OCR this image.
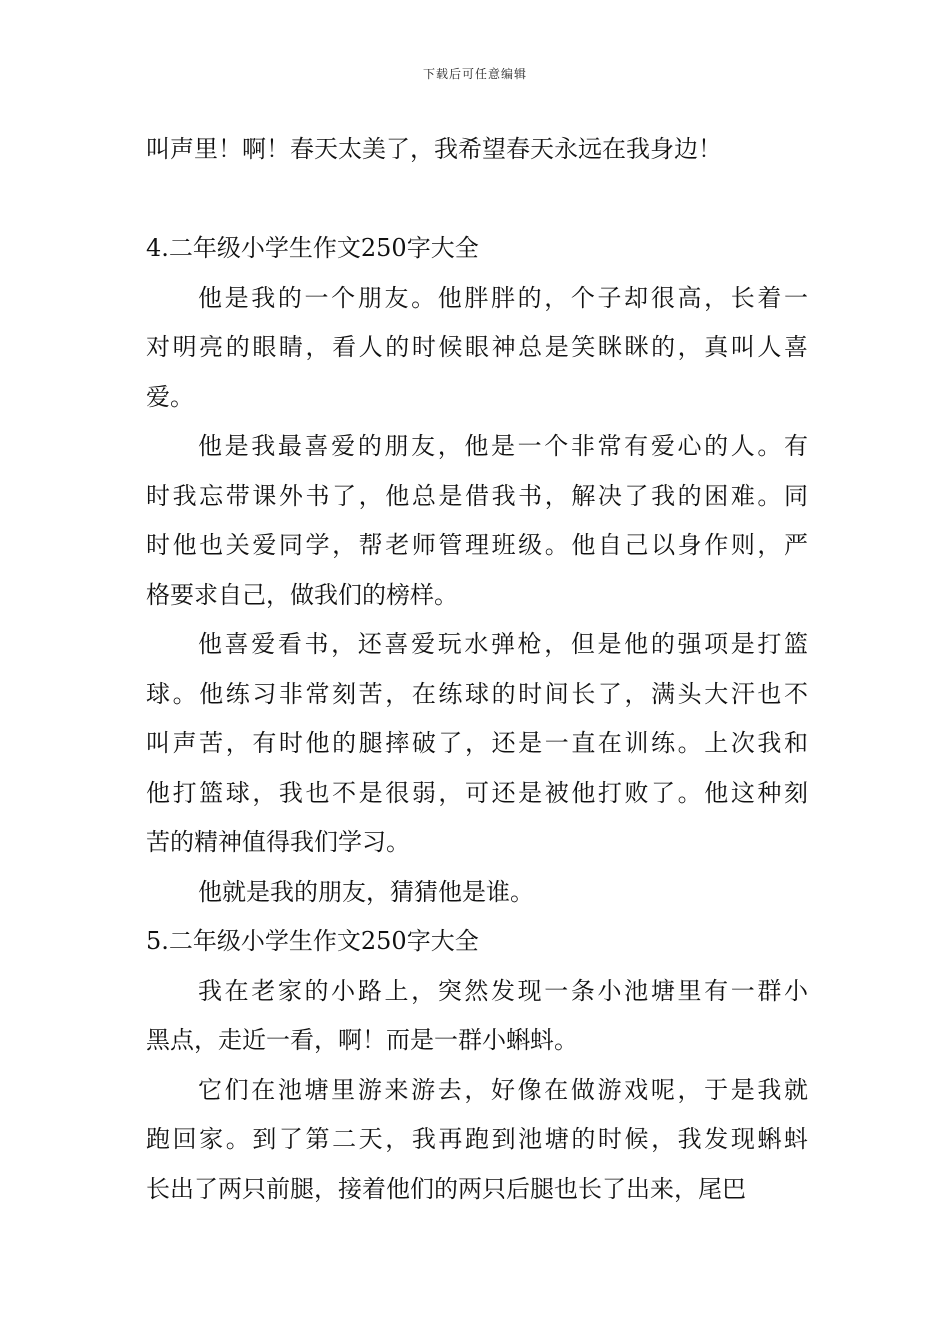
下载后可任意编辑
叫声里！啊！春天太美了，我希望春天永远在我身边！
4.二年级小学生作文250字大全
他是我的一个朋友。他胖胖的，个子却很高，长着一
对明亮的眼睛，看人的时候眼神总是笑眯眯的，真叫人喜
爱。
他是我最喜爱的朋友，他是一个非常有爱心的人。有
时我忘带课外书了，他总是借我书，解决了我的困难。同
时他也关爱同学，帮老师管理班级。他自己以身作则，严
格要求自己，做我们的榜样。
他喜爱看书，还喜爱玩水弹枪，但是他的强项是打篮
球。他练习非常刻苦，在练球的时间长了，满头大汗也不
叫声苦，有时他的腿摔破了，还是一直在训练。上次我和
他打篮球，我也不是很弱，可还是被他打败了。他这种刻
苦的精神值得我们学习。
他就是我的朋友，猜猜他是谁。
5.二年级小学生作文250字大全
我在老家的小路上，突然发现一条小池塘里有一群小
黑点，走近一看，啊！而是一群小蝌蚪。
它们在池塘里游来游去，好像在做游戏呢，于是我就
跑回家。到了第二天，我再跑到池塘的时候，我发现蝌蚪
长出了两只前腿，接着他们的两只后腿也长了出来，尾巴
